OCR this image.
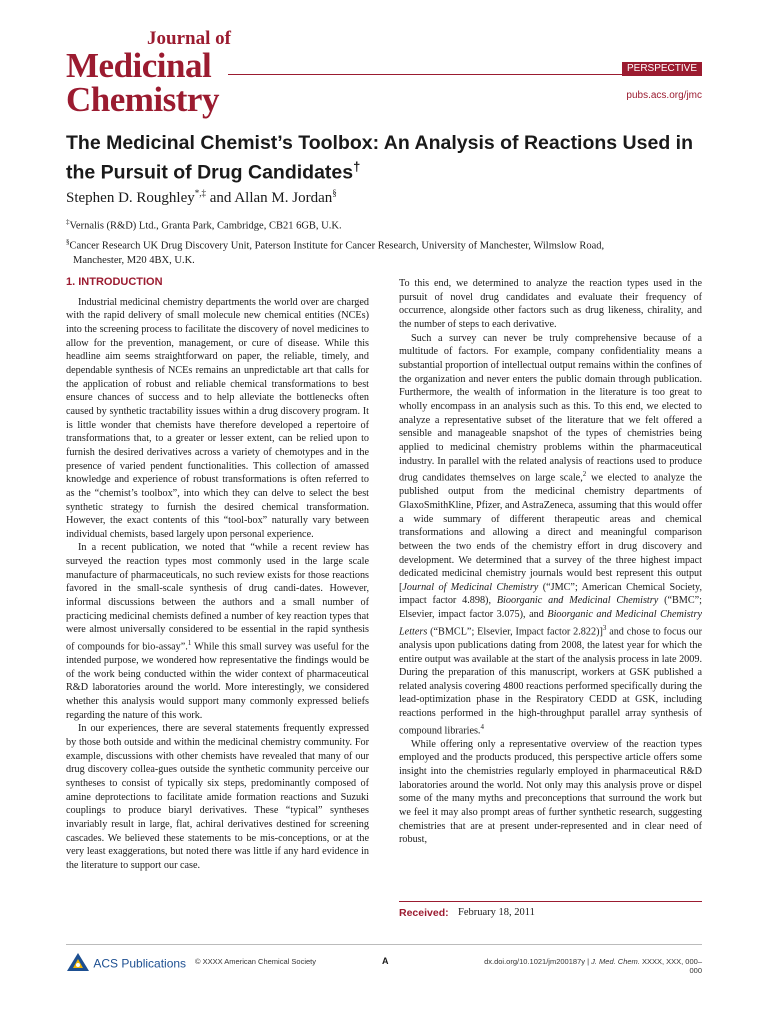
Journal of
Medicinal
Chemistry
PERSPECTIVE
pubs.acs.org/jmc
The Medicinal Chemist’s Toolbox: An Analysis of Reactions Used in the Pursuit of Drug Candidates†
Stephen D. Roughley*,‡ and Allan M. Jordan§
‡Vernalis (R&D) Ltd., Granta Park, Cambridge, CB21 6GB, U.K.
§Cancer Research UK Drug Discovery Unit, Paterson Institute for Cancer Research, University of Manchester, Wilmslow Road,
Manchester, M20 4BX, U.K.
1. INTRODUCTION

Industrial medicinal chemistry departments the world over are charged with the rapid delivery of small molecule new chemical entities (NCEs) into the screening process to facilitate the discovery of novel medicines to allow for the prevention, management, or cure of disease. While this headline aim seems straightforward on paper, the reliable, timely, and dependable synthesis of NCEs remains an unpredictable art that calls for the application of robust and reliable chemical transformations to best ensure chances of success and to help alleviate the bottlenecks often caused by synthetic tractability issues within a drug discovery program. It is little wonder that chemists have therefore developed a repertoire of transformations that, to a greater or lesser extent, can be relied upon to furnish the desired derivatives across a variety of chemotypes and in the presence of varied pendent functionalities. This collection of amassed knowledge and experience of robust transformations is often referred to as the “chemist’s toolbox”, into which they can delve to select the best synthetic strategy to furnish the desired chemical transformation. However, the exact contents of this “tool-box” naturally vary between individual chemists, based largely upon personal experience.

In a recent publication, we noted that “while a recent review has surveyed the reaction types most commonly used in the large scale manufacture of pharmaceuticals, no such review exists for those reactions favored in the small-scale synthesis of drug candi-dates. However, informal discussions between the authors and a small number of practicing medicinal chemists defined a number of key reaction types that were almost universally considered to be essential in the rapid synthesis of compounds for bio-assay”.$^1$ While this small survey was useful for the intended purpose, we wondered how representative the findings would be of the work being conducted within the wider context of pharmaceutical R&D laboratories around the world. More interestingly, we considered whether this analysis would support many commonly expressed beliefs regarding the nature of this work.

In our experiences, there are several statements frequently expressed by those both outside and within the medicinal chemistry community. For example, discussions with other chemists have revealed that many of our drug discovery collea-gues outside the synthetic community perceive our syntheses to consist of typically six steps, predominantly composed of amine deprotections to facilitate amide formation reactions and Suzuki couplings to produce biaryl derivatives. These “typical” syntheses invariably result in large, flat, achiral derivatives destined for screening cascades. We believed these statements to be mis-conceptions, or at the very least exaggerations, but noted there was little if any hard evidence in the literature to support our case.

To this end, we determined to analyze the reaction types used in the pursuit of novel drug candidates and evaluate their frequency of occurrence, alongside other factors such as drug likeness, chirality, and the number of steps to each derivative.

Such a survey can never be truly comprehensive because of a multitude of factors. For example, company confidentiality means a substantial proportion of intellectual output remains within the confines of the organization and never enters the public domain through publication. Furthermore, the wealth of information in the literature is too great to wholly encompass in an analysis such as this. To this end, we elected to analyze a representative subset of the literature that we felt offered a sensible and manageable snapshot of the types of chemistries being applied to medicinal chemistry problems within the pharmaceutical industry. In parallel with the related analysis of reactions used to produce drug candidates themselves on large scale,$^2$ we elected to analyze the published output from the medicinal chemistry departments of GlaxoSmithKline, Pfizer, and AstraZeneca, assuming that this would offer a wide summary of different therapeutic areas and chemical transformations and allowing a direct and meaningful comparison between the two ends of the chemistry effort in drug discovery and development. We determined that a survey of the three highest impact dedicated medicinal chemistry journals would best represent this output [Journal of Medicinal Chemistry (“JMC”; American Chemical Society, impact factor 4.898), Bioorganic and Medicinal Chemistry (“BMC”; Elsevier, impact factor 3.075), and Bioorganic and Medicinal Chemistry Letters (“BMCL”; Elsevier, Impact factor 2.822)]$^3$ and chose to focus our analysis upon publications dating from 2008, the latest year for which the entire output was available at the start of the analysis process in late 2009. During the preparation of this manuscript, workers at GSK published a related analysis covering 4800 reactions performed specifically during the lead-optimization phase in the Respiratory CEDD at GSK, including reactions performed in the high-throughput parallel array synthesis of compound libraries.$^4$

While offering only a representative overview of the reaction types employed and the products produced, this perspective article offers some insight into the chemistries regularly employed in pharmaceutical R&D laboratories around the world. Not only may this analysis prove or dispel some of the many myths and preconceptions that surround the work but we feel it may also prompt areas of further synthetic research, suggesting chemistries that are at present under-represented and in clear need of robust,

Received: February 18, 2011
ACS Publications © XXXX American Chemical Society	A	dx.doi.org/10.1021/jm200187y | J. Med. Chem. XXXX, XXX, 000–000
